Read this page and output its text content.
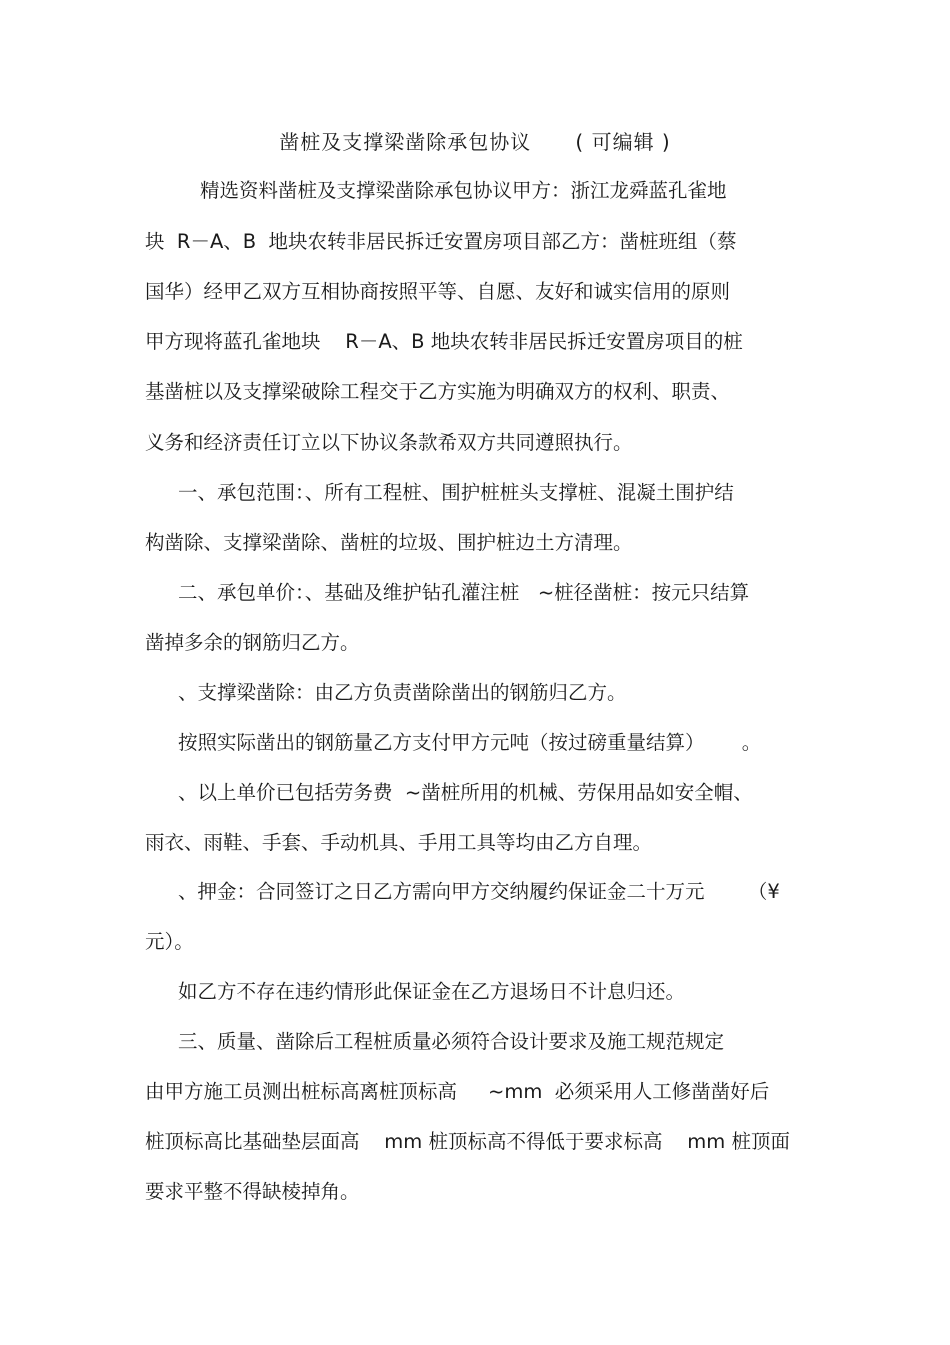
凿桩及支撑梁凿除承包协议      ( 可编辑 )
精选资料凿桩及支撑梁凿除承包协议甲方：浙江龙舜蓝孔雀地
块  R－A、B  地块农转非居民拆迁安置房项目部乙方：凿桩班组（蔡
国华）经甲乙双方互相协商按照平等、自愿、友好和诚实信用的原则
甲方现将蓝孔雀地块    R－A、B 地块农转非居民拆迁安置房项目的桩
基凿桩以及支撑梁破除工程交于乙方实施为明确双方的权利、职责、
义务和经济责任订立以下协议条款希双方共同遵照执行。
一、承包范围：、所有工程桩、围护桩桩头支撑桩、混凝土围护结
构凿除、支撑梁凿除、凿桩的垃圾、围护桩边土方清理。
二、承包单价：、基础及维护钻孔灌注桩   ~桩径凿桩：按元只结算
凿掉多余的钢筋归乙方。
、支撑梁凿除：由乙方负责凿除凿出的钢筋归乙方。
按照实际凿出的钢筋量乙方支付甲方元吨（按过磅重量结算）      。
、以上单价已包括劳务费  ~凿桩所用的机械、劳保用品如安全帽、
雨衣、雨鞋、手套、手动机具、手用工具等均由乙方自理。
、押金：合同签订之日乙方需向甲方交纳履约保证金二十万元       （¥
元）。
如乙方不存在违约情形此保证金在乙方退场日不计息归还。
三、质量、凿除后工程桩质量必须符合设计要求及施工规范规定
由甲方施工员测出桩标高离桩顶标高     ~mm  必须采用人工修凿凿好后
桩顶标高比基础垫层面高    mm 桩顶标高不得低于要求标高    mm 桩顶面
要求平整不得缺棱掉角。
